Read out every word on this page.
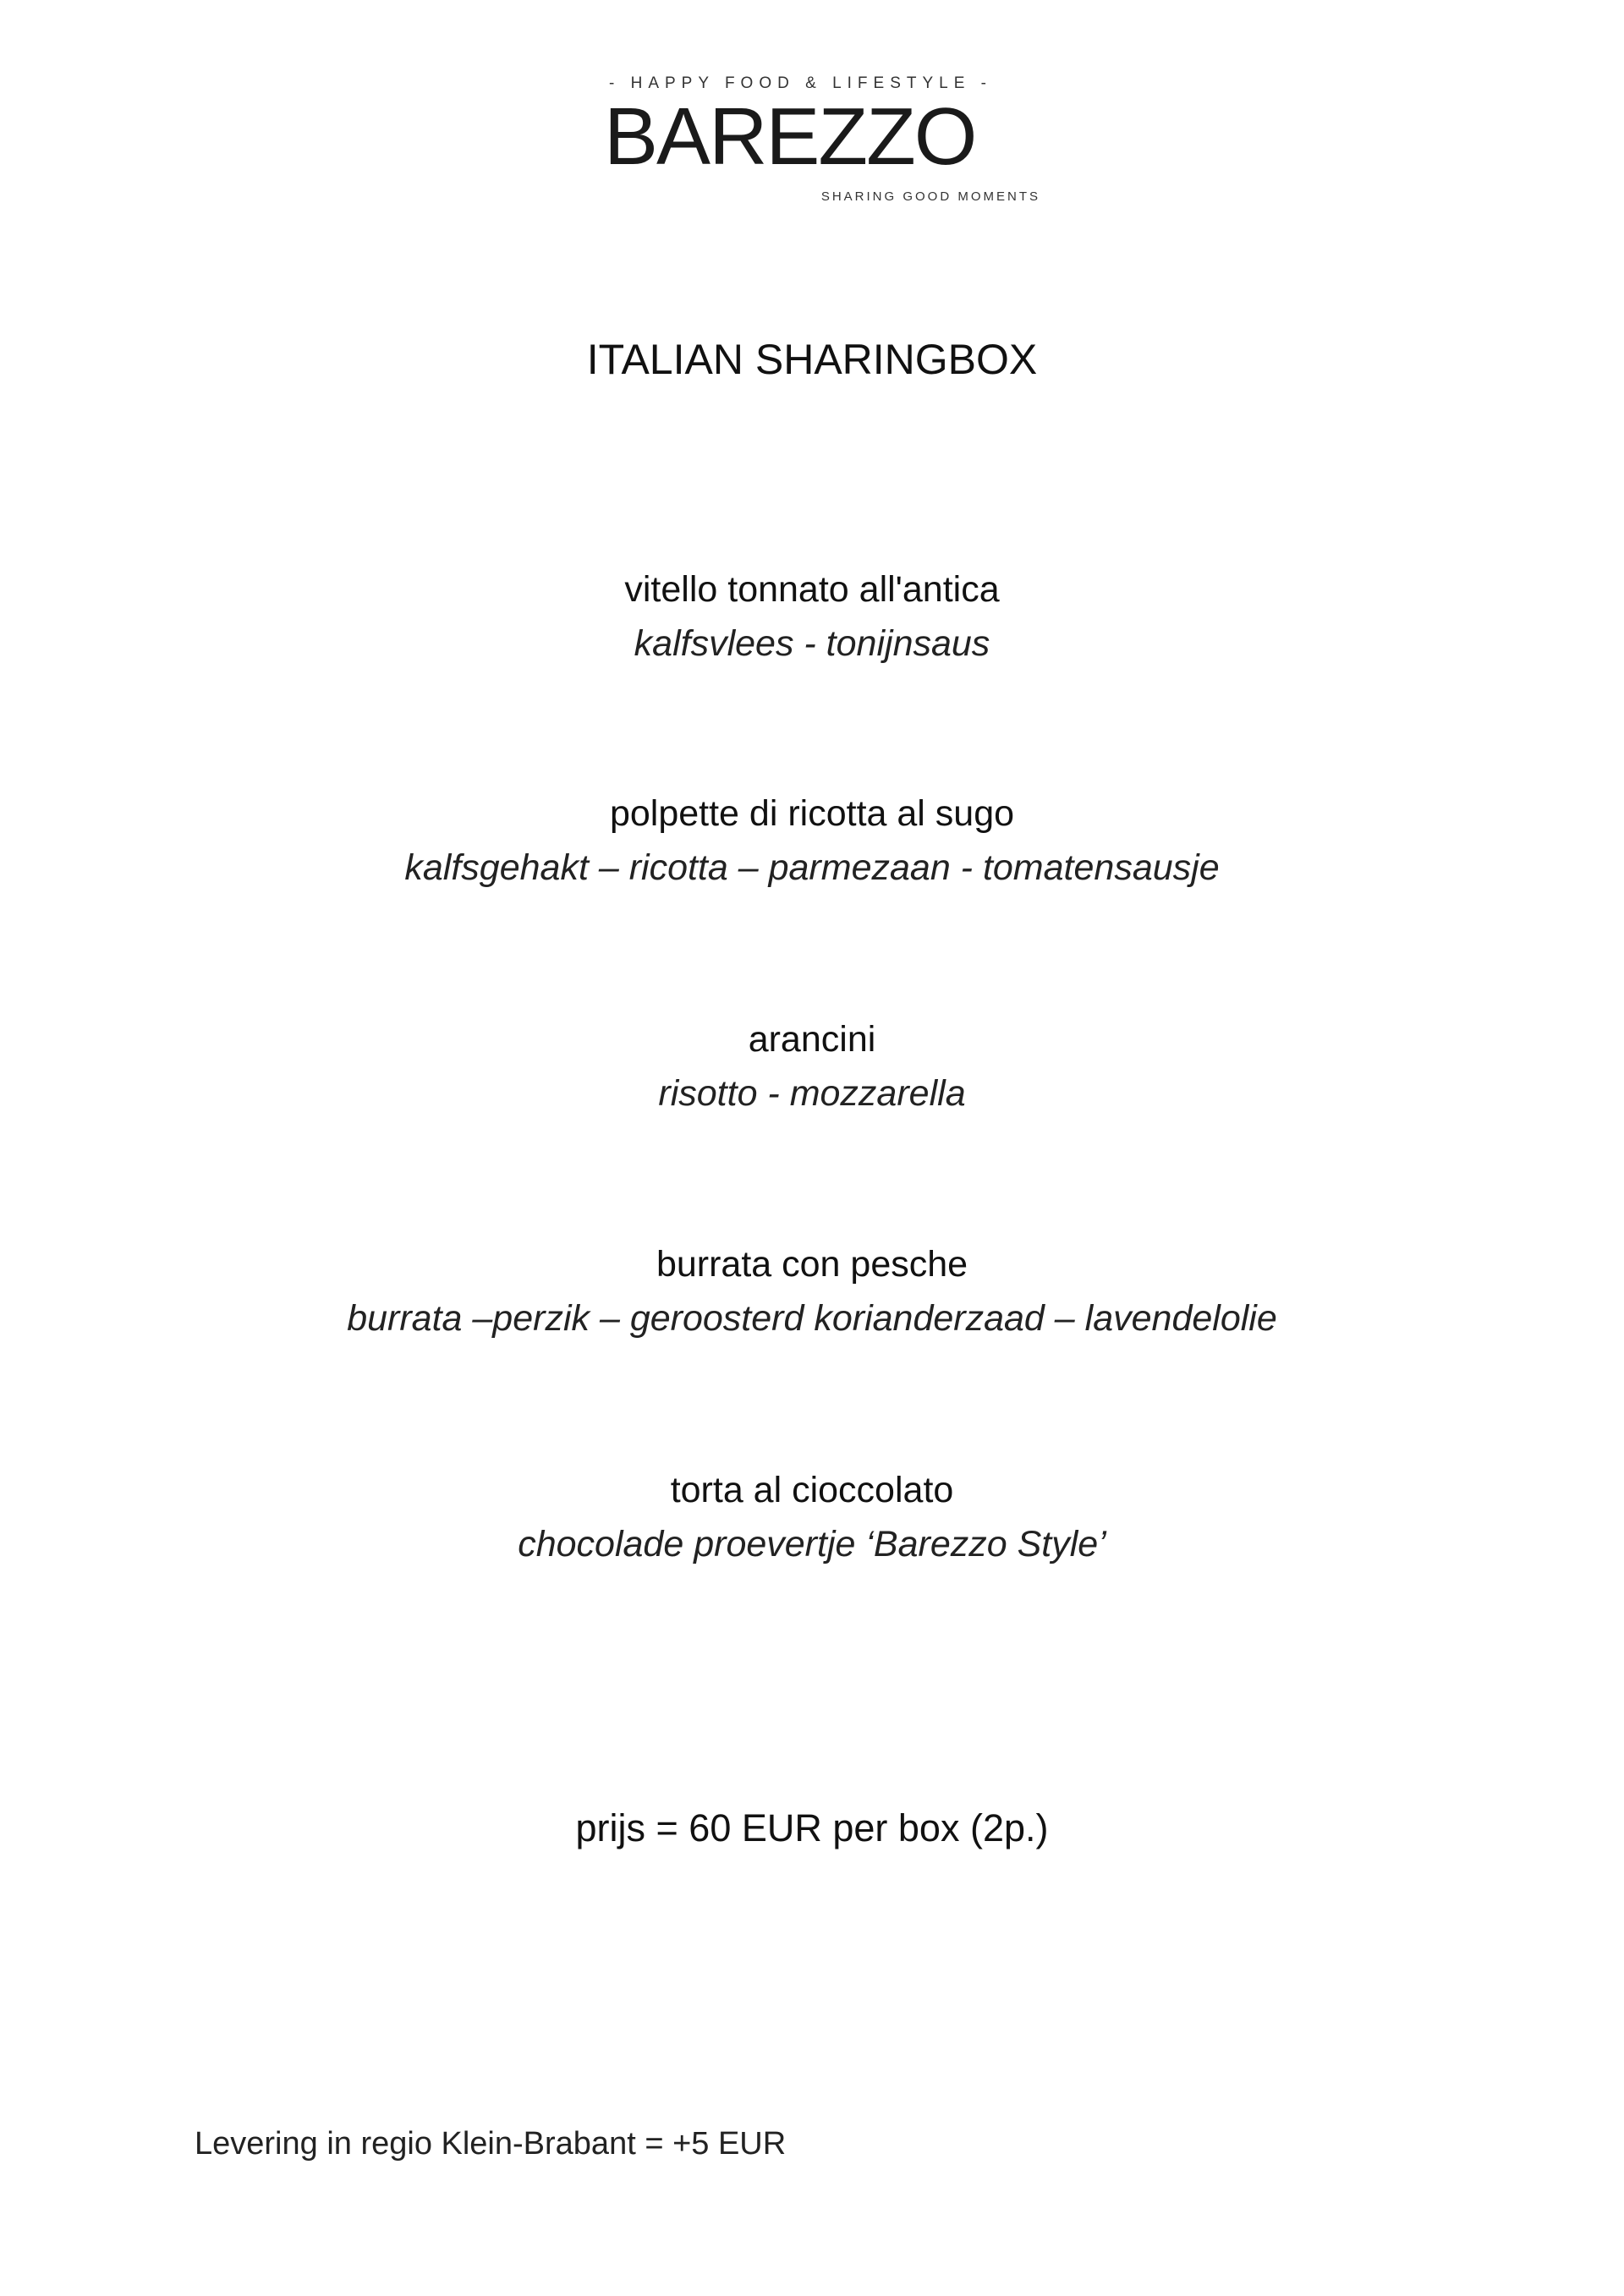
- HAPPY FOOD & LIFESTYLE -
BAREZZO
SHARING GOOD MOMENTS
ITALIAN SHARINGBOX
vitello tonnato all'antica
kalfsvlees - tonijnsaus
polpette di ricotta al sugo
kalfsgehakt – ricotta – parmezaan - tomatensausje
arancini
risotto - mozzarella
burrata con pesche
burrata –perzik – geroosterd korianderzaad – lavendelolie
torta al cioccolato
chocolade proevertje ‘Barezzo Style’
prijs = 60 EUR per box (2p.)
Levering in regio Klein-Brabant = +5 EUR
